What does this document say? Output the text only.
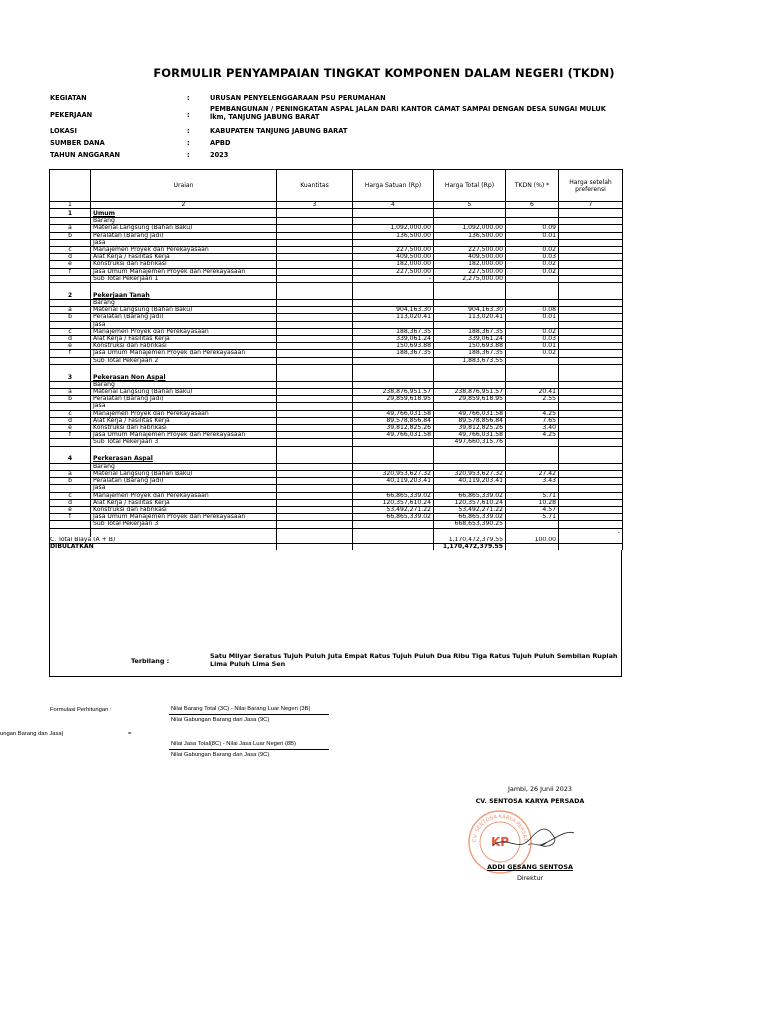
FORMULIR PENYAMPAIAN TINGKAT KOMPONEN DALAM NEGERI (TKDN)
KEGIATAN	:	URUSAN PENYELENGGARAAN PSU PERUMAHAN
PEKERJAAN	:
PEMBANGUNAN / PENINGKATAN ASPAL JALAN DARI KANTOR CAMAT SAMPAI DENGAN DESA SUNGAI MULUK lkm, TANJUNG JABUNG BARAT
LOKASI	:	KABUPATEN TANJUNG JABUNG BARAT
SUMBER DANA	:	APBD
TAHUN ANGGARAN	:	2023
	Uraian	Kuantitas	Harga Satuan (Rp)	Harga Total (Rp)	TKDN (%) *	Harga setelah preferensi
1	2	3	4	5	6	7
1	Umum					
	Barang					
a	Material Langsung (Bahan Baku)		1,092,000.00	1,092,000.00	0.09	
b	Peralatan (Barang Jadi)		136,500.00	136,500.00	0.01	
	Jasa					
c	Manajemen Proyek dan Perekayasaan		227,500.00	227,500.00	0.02	
d	Alat Kerja / Fasilitas Kerja		409,500.00	409,500.00	0.03	
e	Konstruksi dan Fabrikasi		182,000.00	182,000.00	0.02	
f	Jasa Umum Manajemen Proyek dan Perekayasaan		227,500.00	227,500.00	0.02	
	Sub Total Pekerjaan 1		-	2,275,000.00		

2	Pekerjaan Tanah					
	Barang					
a	Material Langsung (Bahan Baku)		904,163.30	904,163.30	0.08	
b	Peralatan (Barang Jadi)		113,020.41	113,020.41	0.01	
	Jasa					
c	Manajemen Proyek dan Perekayasaan		188,367.35	188,367.35	0.02	
d	Alat Kerja / Fasilitas Kerja		339,061.24	339,061.24	0.03	
e	Konstruksi dan Fabrikasi		150,693.88	150,693.88	0.01	
f	Jasa Umum Manajemen Proyek dan Perekayasaan		188,367.35	188,367.35	0.02	
	Sub Total Pekerjaan 2			1,883,673.55		

3	Pekerasan Non Aspal					
	Barang					
a	Material Langsung (Bahan Baku)		238,876,951.57	238,876,951.57	20.41	
b	Peralatan (Barang Jadi)		29,859,618.95	29,859,618.95	2.55	
	Jasa					
c	Manajemen Proyek dan Perekayasaan		49,766,031.58	49,766,031.58	4.25	
d	Alat Kerja / Fasilitas Kerja		89,578,856.84	89,578,856.84	7.65	
e	Konstruksi dan Fabrikasi		39,812,825.26	39,812,825.26	3.40	
f	Jasa Umum Manajemen Proyek dan Perekayasaan		49,766,031.58	49,766,031.58	4.25	
	Sub Total Pekerjaan 3			497,660,315.76		

4	Perkerasan Aspal					
	Barang					
a	Material Langsung (Bahan Baku)		320,953,627.32	320,953,627.32	27.42	
b	Peralatan (Barang Jadi)		40,119,203.41	40,119,203.41	3.43	
	Jasa					
c	Manajemen Proyek dan Perekayasaan		66,865,339.02	66,865,339.02	5.71	
d	Alat Kerja / Fasilitas Kerja		120,357,610.24	120,357,610.24	10.28	
e	Konstruksi dan Fabrikasi		53,492,271.22	53,492,271.22	4.57	
f	Jasa Umum Manajemen Proyek dan Perekayasaan		66,865,339.02	66,865,339.02	5.71	
	Sub Total Pekerjaan 3			668,653,390.25		
						-
C. Total Biaya (A + B)				1,170,472,379.55	100.00	
DIBULATKAN				1,170,472,379.55		
Terbilang :
Satu Milyar Seratus Tujuh Puluh Juta Empat Ratus Tujuh Puluh Dua Ribu Tiga Ratus Tujuh Puluh Sembilan Rupiah Lima Puluh Lima Sen
Formulasi Perhitungan :	Nilai Barang Total (3C) - Nilai Barang Luar Negeri (3B)
Nilai Gabungan Barang dan Jasa (9C)
ungan Barang dan Jasa)	=
Nilai Jasa Total(8C) - Nilai Jasa Luar Negeri (8B)
Nilai Gabungan Barang dan Jasa (9C)
Jambi, 26 Junii 2023
CV. SENTOSA KARYA PERSADA
CV. SENTOSA KARYA PERSAD
KP
ADDI GESANG SENTOSA
Direktur
